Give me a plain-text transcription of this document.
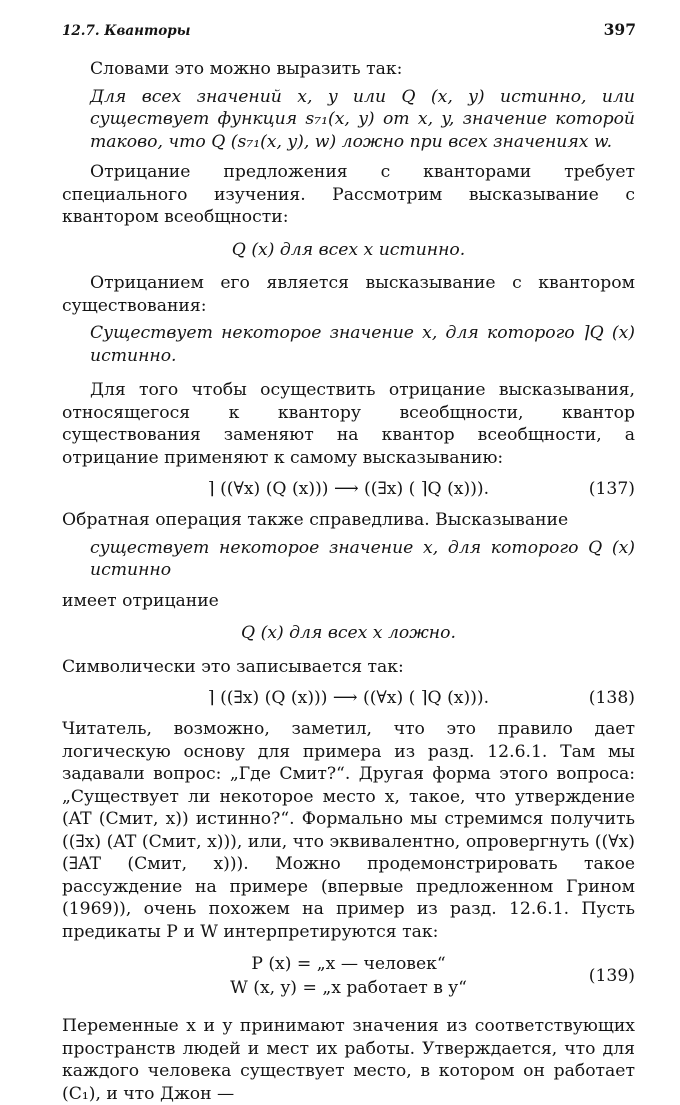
12.7. Кванторы	397

Словами это можно выразить так:

Для всех значений x, y или Q (x, y) истинно, или существует функция s₇₁(x, y) от x, y, значение которой таково, что Q (s₇₁(x, y), w) ложно при всех значениях w.

Отрицание предложения с кванторами требует специального изучения. Рассмотрим высказывание с квантором всеобщности:

Q (x) для всех x истинно.

Отрицанием его является высказывание с квантором существования:

Существует некоторое значение x, для которого ⌉Q (x) истинно.

Для того чтобы осуществить отрицание высказывания, относящегося к квантору всеобщности, квантор существования заменяют на квантор всеобщности, а отрицание применяют к самому высказыванию:

⌉ ((∀x) (Q (x))) ⟶ ((∃x) ( ⌉Q (x))).	(137)

Обратная операция также справедлива. Высказывание

существует некоторое значение x, для которого Q (x) истинно

имеет отрицание

Q (x) для всех x ложно.

Символически это записывается так:

⌉ ((∃x) (Q (x))) ⟶ ((∀x) ( ⌉Q (x))).	(138)

Читатель, возможно, заметил, что это правило дает логическую основу для примера из разд. 12.6.1. Там мы задавали вопрос: „Где Смит?“. Другая форма этого вопроса: „Существует ли некоторое место x, такое, что утверждение (AT (Смит, x)) истинно?“. Формально мы стремимся получить ((∃x) (AT (Смит, x))), или, что эквивалентно, опровергнуть ((∀x) (∃AT (Смит, x))). Можно продемонстрировать такое рассуждение на примере (впервые предложенном Грином (1969)), очень похожем на пример из разд. 12.6.1. Пусть предикаты P и W интерпретируются так:

P (x) = „x — человек“
W (x, y) = „x работает в y“
(139)

Переменные x и y принимают значения из соответствующих пространств людей и мест их работы. Утверждается, что для каждого человека существует место, в котором он работает (C₁), и что Джон —
